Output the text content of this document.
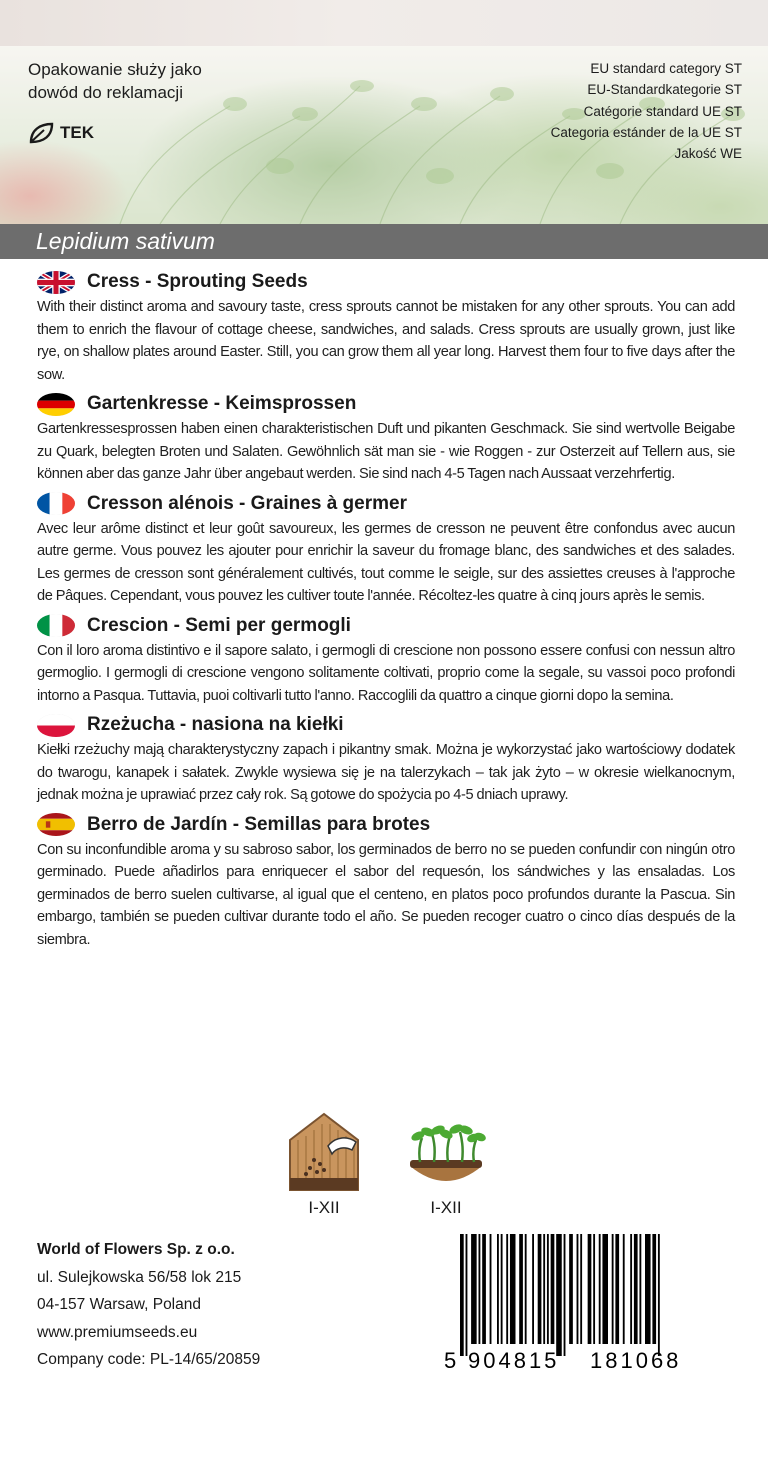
Opakowanie służy jako
dowód do reklamacji
TEK
EU standard category ST
EU-Standardkategorie ST
Catégorie standard UE ST
Categoria estánder de la UE ST
Jakość WE
Lepidium sativum
Cress - Sprouting Seeds
With their distinct aroma and savoury taste, cress sprouts cannot be mistaken for any other sprouts. You can add them to enrich the flavour of cottage cheese, sandwiches, and salads. Cress sprouts are usually grown, just like rye, on shallow plates around Easter. Still, you can grow them all year long. Harvest them four to five days after the sow.
Gartenkresse - Keimsprossen
Gartenkressesprossen haben einen charakteristischen Duft und pikanten Geschmack. Sie sind wertvolle Beigabe zu Quark, belegten Broten und Salaten. Gewöhnlich sät man sie - wie Roggen - zur Osterzeit auf Tellern aus, sie können aber das ganze Jahr über angebaut werden. Sie sind nach 4-5 Tagen nach Aussaat verzehrfertig.
Cresson alénois - Graines à germer
Avec leur arôme distinct et leur goût savoureux, les germes de cresson ne peuvent être confondus avec aucun autre germe. Vous pouvez les ajouter pour enrichir la saveur du fromage blanc, des sandwiches et des salades. Les germes de cresson sont généralement cultivés, tout comme le seigle, sur des assiettes creuses à l'approche de Pâques. Cependant, vous pouvez les cultiver toute l'année. Récoltez-les quatre à cinq jours après le semis.
Crescion - Semi per germogli
Con il loro aroma distintivo e il sapore salato, i germogli di crescione non possono essere confusi con nessun altro germoglio. I germogli di crescione vengono solitamente coltivati, proprio come la segale, su vassoi poco profondi intorno a Pasqua. Tuttavia, puoi coltivarli tutto l'anno. Raccoglili da quattro a cinque giorni dopo la semina.
Rzeżucha - nasiona na kiełki
Kiełki rzeżuchy mają charakterystyczny zapach i pikantny smak. Można je wykorzystać jako wartościowy dodatek do twarogu, kanapek i sałatek. Zwykle wysiewa się je na talerzykach – tak jak żyto – w okresie wielkanocnym, jednak można je uprawiać przez cały rok. Są gotowe do spożycia po 4-5 dniach uprawy.
Berro de Jardín - Semillas para brotes
Con su inconfundible aroma y su sabroso sabor, los germinados de berro no se pueden confundir con ningún otro germinado. Puede añadirlos para enriquecer el sabor del requesón, los sándwiches y las ensaladas. Los germinados de berro suelen cultivarse, al igual que el centeno, en platos poco profundos durante la Pascua. Sin embargo, también se pueden cultivar durante todo el año. Se pueden recoger cuatro o cinco días después de la siembra.
I-XII	I-XII
World of Flowers Sp. z o.o.
ul. Sulejkowska 56/58 lok 215
04-157 Warsaw, Poland
www.premiumseeds.eu
Company code: PL-14/65/20859	5 904815 181068
